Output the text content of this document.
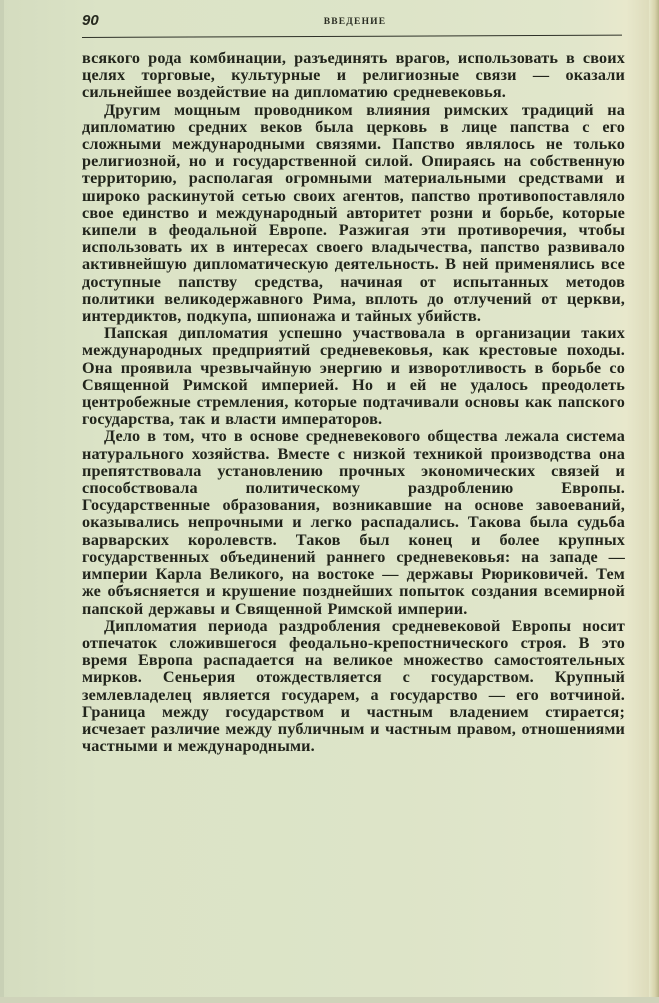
90	ВВЕДЕНИЕ

всякого рода комбинации, разъединять врагов, использовать в своих целях торговые, культурные и религиозные связи — оказали сильнейшее воздействие на дипломатию средневековья.

Другим мощным проводником влияния римских традиций на дипломатию средних веков была церковь в лице папства с его сложными международными связями. Папство являлось не только религиозной, но и государственной силой. Опираясь на собственную территорию, располагая огромными материальными средствами и широко раскинутой сетью своих агентов, папство противопоставляло свое единство и международный авторитет розни и борьбе, которые кипели в феодальной Европе. Разжигая эти противоречия, чтобы использовать их в интересах своего владычества, папство развивало активнейшую дипломатическую деятельность. В ней применялись все доступные папству средства, начиная от испытанных методов политики великодержавного Рима, вплоть до отлучений от церкви, интердиктов, подкупа, шпионажа и тайных убийств.

Папская дипломатия успешно участвовала в организации таких международных предприятий средневековья, как крестовые походы. Она проявила чрезвычайную энергию и изворотливость в борьбе со Священной Римской империей. Но и ей не удалось преодолеть центробежные стремления, которые подтачивали основы как папского государства, так и власти императоров.

Дело в том, что в основе средневекового общества лежала система натурального хозяйства. Вместе с низкой техникой производства она препятствовала установлению прочных экономических связей и способствовала политическому раздроблению Европы. Государственные образования, возникавшие на основе завоеваний, оказывались непрочными и легко распадались. Такова была судьба варварских королевств. Таков был конец и более крупных государственных объединений раннего средневековья: на западе — империи Карла Великого, на востоке — державы Рюриковичей. Тем же объясняется и крушение позднейших попыток создания всемирной папской державы и Священной Римской империи.

Дипломатия периода раздробления средневековой Европы носит отпечаток сложившегося феодально-крепостнического строя. В это время Европа распадается на великое множество самостоятельных мирков. Сеньерия отождествляется с государством. Крупный землевладелец является государем, а государство — его вотчиной. Граница между государством и частным владением стирается; исчезает различие между публичным и частным правом, отношениями частными и международными.
